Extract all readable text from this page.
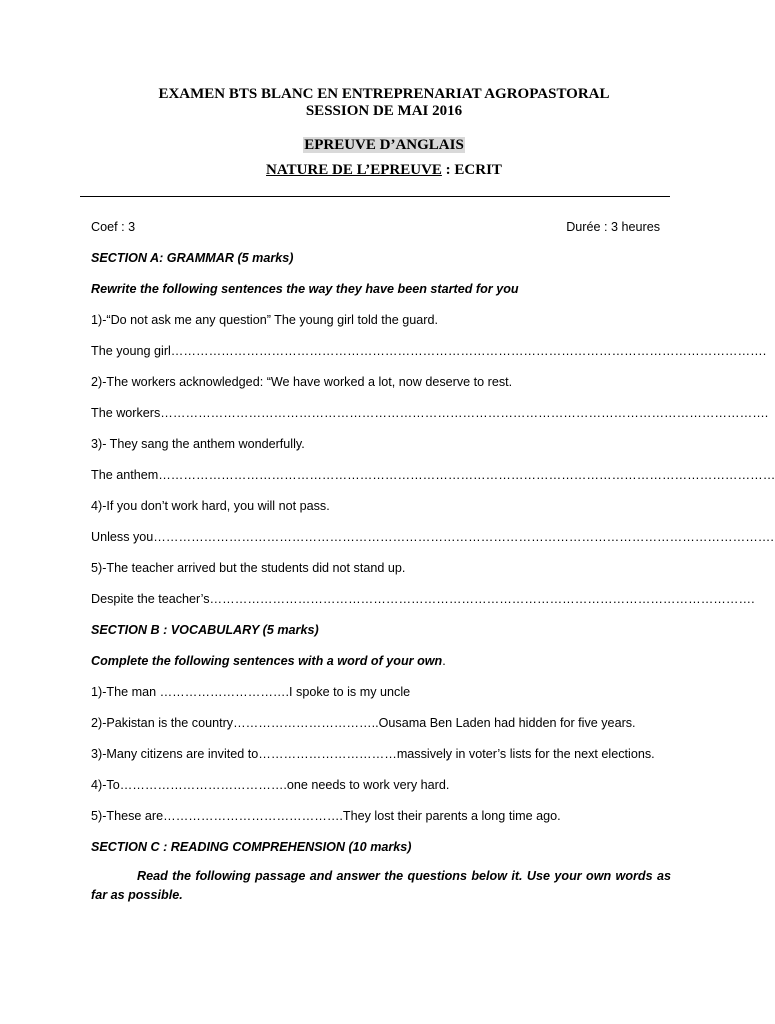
EXAMEN BTS BLANC EN ENTREPRENARIAT AGROPASTORAL
SESSION DE MAI 2016
EPREUVE D’ANGLAIS
NATURE DE L’EPREUVE : ECRIT
Coef : 3	Durée : 3 heures
SECTION A: GRAMMAR (5 marks)
Rewrite the following sentences the way they have been started for you
1)-“Do not ask me any question” The young girl told the guard.
The young girl…………………………………………………………………………………………………………………………….
2)-The workers acknowledged: “We have worked a lot, now deserve to rest.
The workers……………………………………………………………………………………………………………………………….
3)- They sang the anthem wonderfully.
The anthem…………………………………………………………………………………………………………………………………
4)-If you don’t work hard, you will not pass.
Unless you………………………………………………………………………………………………………………………………….
5)-The teacher arrived but the students did not stand up.
Despite the teacher’s………………………………………………………………………………………………………………….
SECTION B : VOCABULARY (5 marks)
Complete the following sentences with a word of your own.
1)-The man ………………………….I spoke to is my uncle
2)-Pakistan is the country……………………………..Ousama Ben Laden had hidden for five years.
3)-Many citizens are invited to……………………………massively in voter’s lists for the next elections.
4)-To………………………………….one needs to work very hard.
5)-These are…………………………………….They lost their parents a long time ago.
SECTION C : READING COMPREHENSION (10 marks)
Read the following passage and answer the questions below it. Use your own words as far as possible.
